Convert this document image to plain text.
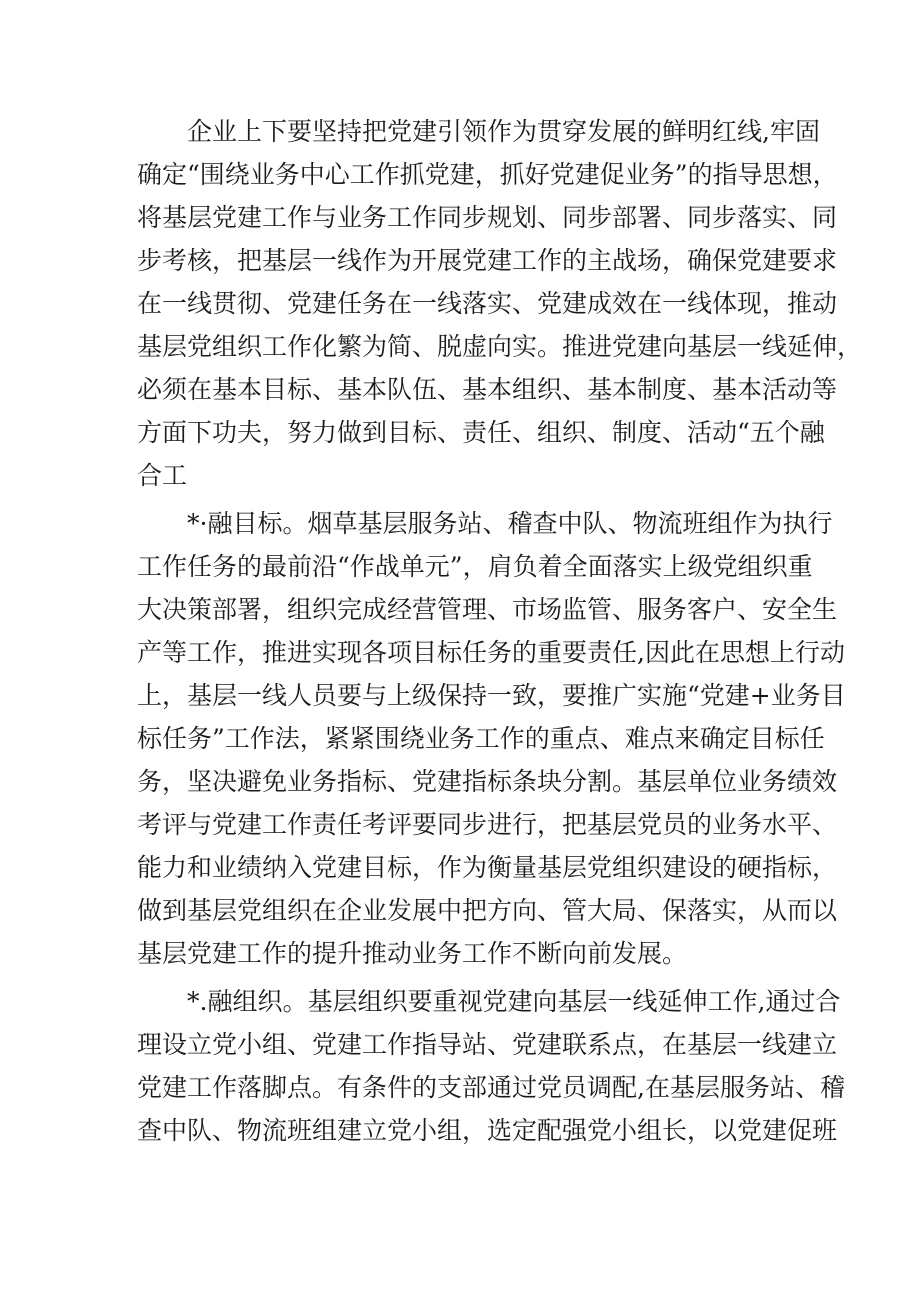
企业上下要坚持把党建引领作为贯穿发展的鲜明红线,牢固
确定“围绕业务中心工作抓党建，抓好党建促业务”的指导思想，
将基层党建工作与业务工作同步规划、同步部署、同步落实、同
步考核，把基层一线作为开展党建工作的主战场，确保党建要求
在一线贯彻、党建任务在一线落实、党建成效在一线体现，推动
基层党组织工作化繁为简、脱虚向实。推进党建向基层一线延伸，
必须在基本目标、基本队伍、基本组织、基本制度、基本活动等
方面下功夫，努力做到目标、责任、组织、制度、活动“五个融
合工
*·融目标。烟草基层服务站、稽查中队、物流班组作为执行
工作任务的最前沿“作战单元”，肩负着全面落实上级党组织重
大决策部署，组织完成经营管理、市场监管、服务客户、安全生
产等工作，推进实现各项目标任务的重要责任,因此在思想上行动
上，基层一线人员要与上级保持一致，要推广实施“党建+业务目
标任务”工作法，紧紧围绕业务工作的重点、难点来确定目标任
务，坚决避免业务指标、党建指标条块分割。基层单位业务绩效
考评与党建工作责任考评要同步进行，把基层党员的业务水平、
能力和业绩纳入党建目标，作为衡量基层党组织建设的硬指标，
做到基层党组织在企业发展中把方向、管大局、保落实，从而以
基层党建工作的提升推动业务工作不断向前发展。
*.融组织。基层组织要重视党建向基层一线延伸工作,通过合
理设立党小组、党建工作指导站、党建联系点，在基层一线建立
党建工作落脚点。有条件的支部通过党员调配,在基层服务站、稽
查中队、物流班组建立党小组，选定配强党小组长，以党建促班
